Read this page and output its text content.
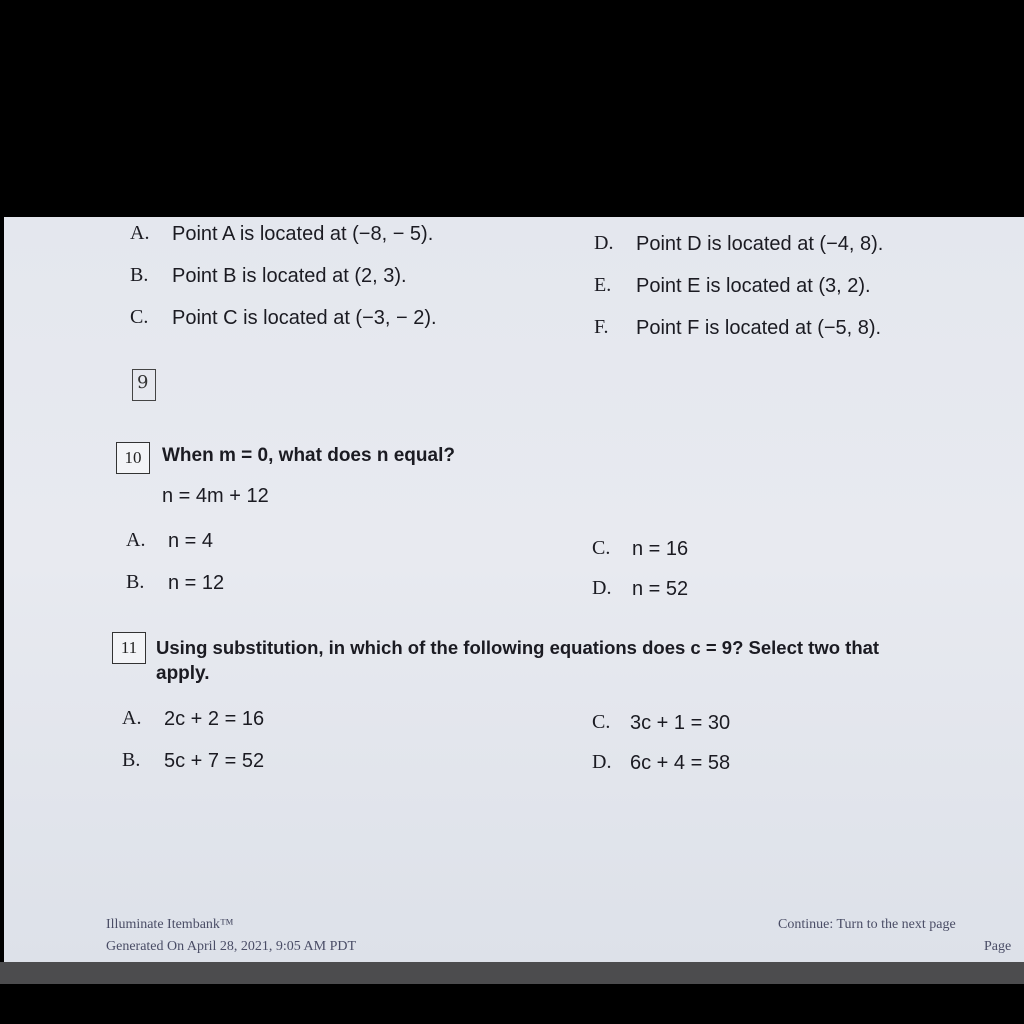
A. Point A is located at (−8, − 5).
B. Point B is located at (2, 3).
C. Point C is located at (−3, − 2).
D. Point D is located at (−4, 8).
E. Point E is located at (3, 2).
F. Point F is located at (−5, 8).
9
10	When m = 0, what does n equal?
n = 4m + 12
A. n = 4
B. n = 12
C. n = 16
D. n = 52
11	Using substitution, in which of the following equations does c = 9? Select two that
apply.
A. 2c + 2 = 16
B. 5c + 7 = 52
C. 3c + 1 = 30
D. 6c + 4 = 58
Illuminate Itembank™
Generated On April 28, 2021, 9:05 AM PDT
Continue: Turn to the next page
Page
